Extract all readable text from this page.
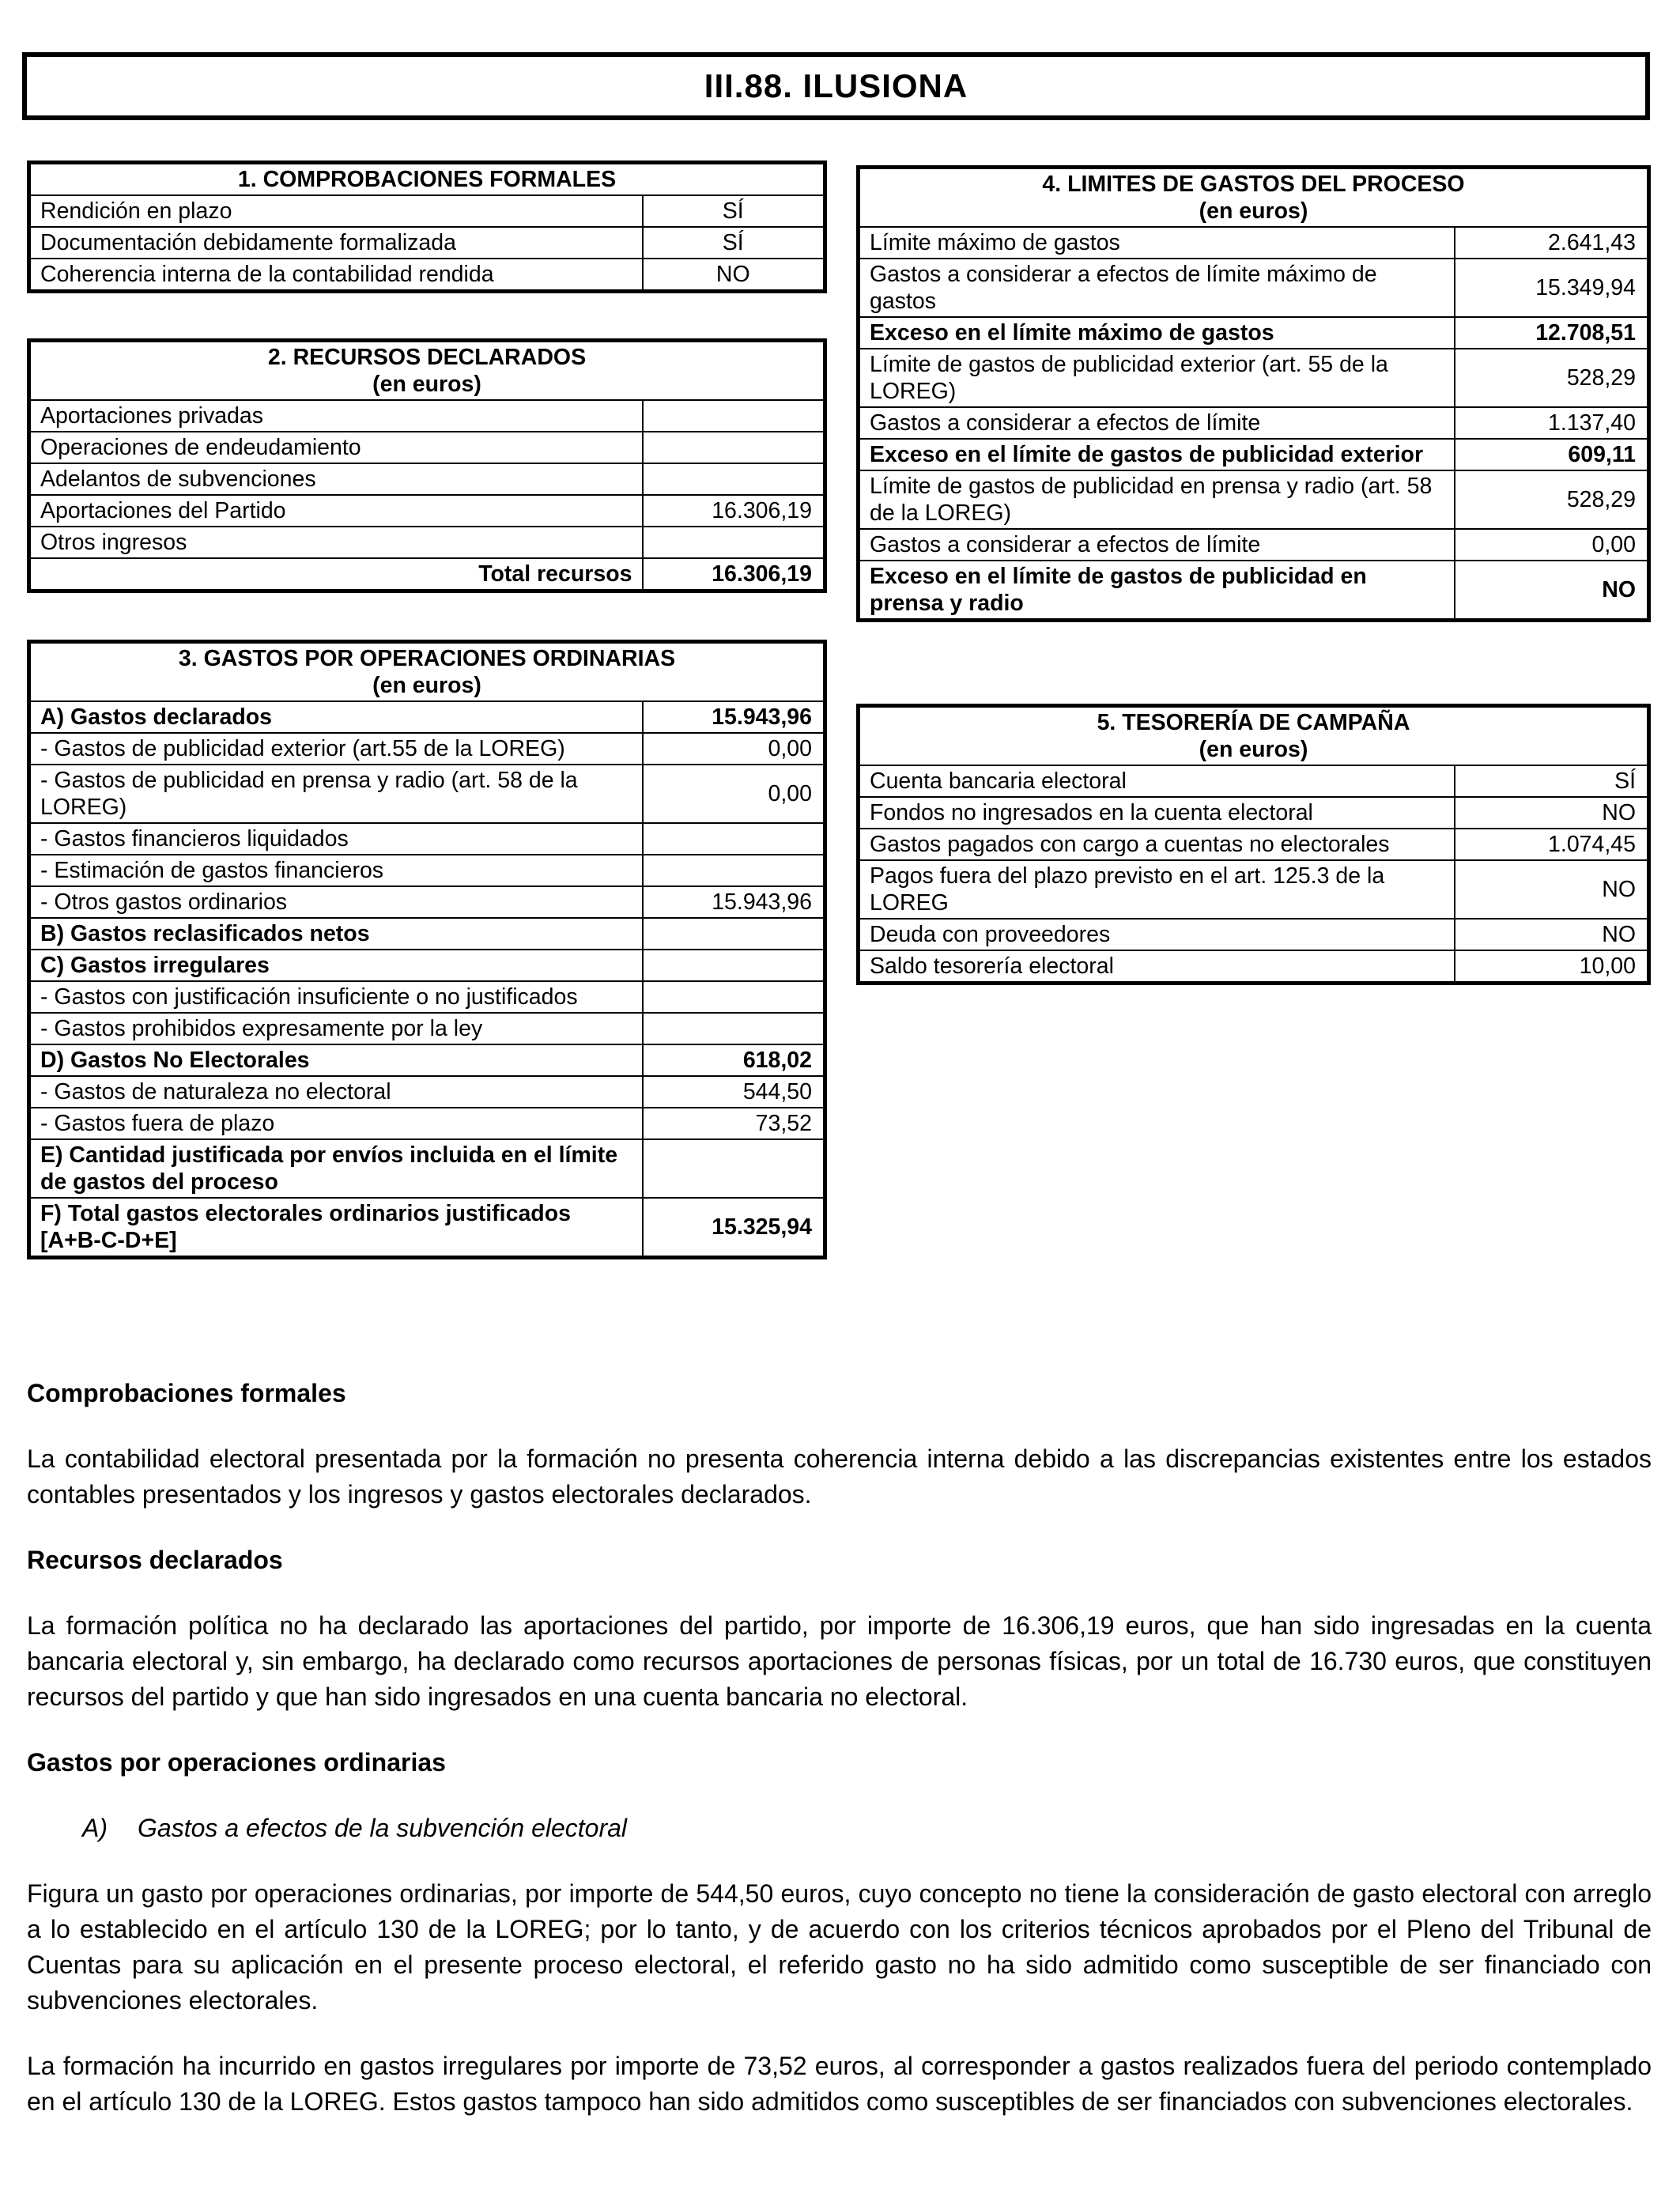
III.88. ILUSIONA
1. COMPROBACIONES FORMALES	
Rendición en plazo	SÍ
Documentación debidamente formalizada	SÍ
Coherencia interna de la contabilidad rendida	NO
2. RECURSOS DECLARADOS
(en euros)	

Aportaciones privadas	
Operaciones de endeudamiento	
Adelantos de subvenciones	
Aportaciones del Partido	16.306,19
Otros ingresos	
Total recursos	16.306,19
3. GASTOS POR OPERACIONES ORDINARIAS
(en euros)	

A) Gastos declarados	15.943,96
- Gastos de publicidad exterior (art.55 de la LOREG)	0,00
- Gastos de publicidad en prensa y radio (art. 58 de la LOREG)	0,00
- Gastos financieros liquidados	
- Estimación de gastos financieros	
- Otros gastos ordinarios	15.943,96
B) Gastos reclasificados netos	
C) Gastos irregulares	
- Gastos con justificación insuficiente o no justificados	
- Gastos prohibidos expresamente por la ley	
D) Gastos No Electorales	618,02
- Gastos de naturaleza no electoral	544,50
- Gastos fuera de plazo	73,52
E) Cantidad justificada por envíos incluida en el límite de gastos del proceso	
F) Total gastos electorales ordinarios justificados [A+B-C-D+E]	15.325,94
4. LIMITES DE GASTOS DEL PROCESO
(en euros)	

Límite máximo de gastos	2.641,43
Gastos a considerar a efectos de límite máximo de gastos	15.349,94
Exceso en el límite máximo de gastos	12.708,51
Límite de gastos de publicidad exterior (art. 55 de la LOREG)	528,29
Gastos a considerar a efectos de límite	1.137,40
Exceso en el límite de gastos de publicidad exterior	609,11
Límite de gastos de publicidad en prensa y radio (art. 58 de la LOREG)	528,29
Gastos a considerar a efectos de límite	0,00
Exceso en el límite de gastos de publicidad en prensa y radio	NO
5. TESORERÍA DE CAMPAÑA
(en euros)	

Cuenta bancaria electoral	SÍ
Fondos no ingresados en la cuenta electoral	NO
Gastos pagados con cargo a cuentas no electorales	1.074,45
Pagos fuera del plazo previsto en el art. 125.3 de la LOREG	NO
Deuda con proveedores	NO
Saldo tesorería electoral	10,00
Comprobaciones formales

La contabilidad electoral presentada por la formación no presenta coherencia interna debido a las discrepancias existentes entre los estados contables presentados y los ingresos y gastos electorales declarados.

Recursos declarados

La formación política no ha declarado las aportaciones del partido, por importe de 16.306,19 euros, que han sido ingresadas en la cuenta bancaria electoral y, sin embargo, ha declarado como recursos aportaciones de personas físicas, por un total de 16.730 euros, que constituyen recursos del partido y que han sido ingresados en una cuenta bancaria no electoral.

Gastos por operaciones ordinarias
A) Gastos a efectos de la subvención electoral

Figura un gasto por operaciones ordinarias, por importe de 544,50 euros, cuyo concepto no tiene la consideración de gasto electoral con arreglo a lo establecido en el artículo 130 de la LOREG; por lo tanto, y de acuerdo con los criterios técnicos aprobados por el Pleno del Tribunal de Cuentas para su aplicación en el presente proceso electoral, el referido gasto no ha sido admitido como susceptible de ser financiado con subvenciones electorales.

La formación ha incurrido en gastos irregulares por importe de 73,52 euros, al corresponder a gastos realizados fuera del periodo contemplado en el artículo 130 de la LOREG. Estos gastos tampoco han sido admitidos como susceptibles de ser financiados con subvenciones electorales.
